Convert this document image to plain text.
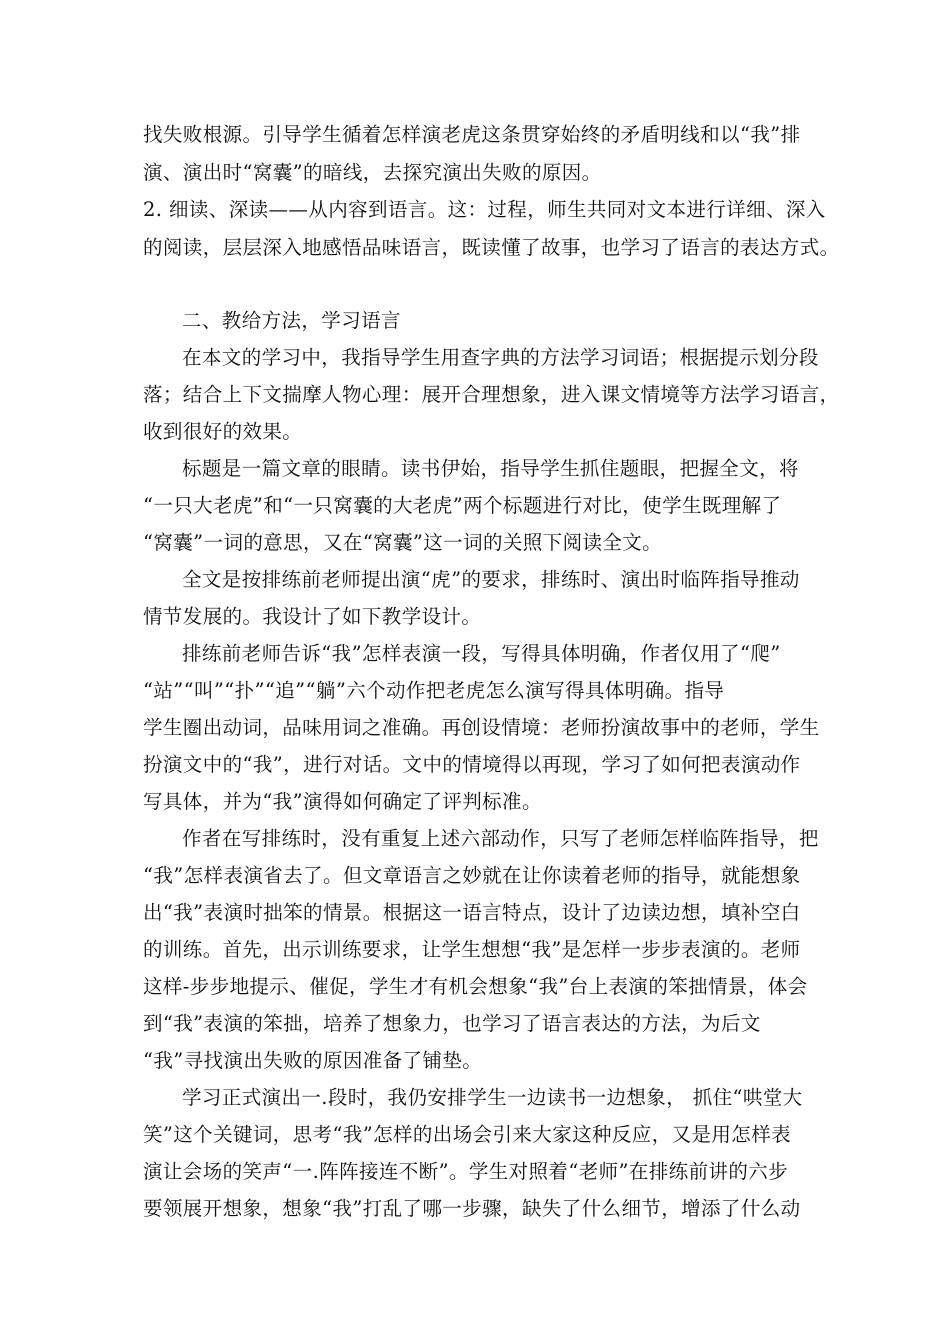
找失败根源。引导学生循着怎样演老虎这条贯穿始终的矛盾明线和以“我”排
演、演出时“窝囊”的暗线，去探究演出失败的原因。
2. 细读、深读——从内容到语言。这：过程，师生共同对文本进行详细、深入
的阅读，层层深入地感悟品味语言，既读懂了故事，也学习了语言的表达方式。
二、教给方法，学习语言
在本文的学习中，我指导学生用查字典的方法学习词语；根据提示划分段
落；结合上下文揣摩人物心理：展开合理想象，进入课文情境等方法学习语言，
收到很好的效果。
标题是一篇文章的眼睛。读书伊始，指导学生抓住题眼，把握全文，将
“一只大老虎”和“一只窝囊的大老虎”两个标题进行对比，使学生既理解了
“窝囊”一词的意思，又在“窝囊”这一词的关照下阅读全文。
全文是按排练前老师提出演“虎”的要求，排练时、演出时临阵指导推动
情节发展的。我设计了如下教学设计。
排练前老师告诉“我”怎样表演一段，写得具体明确，作者仅用了“爬”
“站”“叫”“扑”“追”“躺”六个动作把老虎怎么演写得具体明确。指导
学生圈出动词，品味用词之准确。再创设情境：老师扮演故事中的老师，学生
扮演文中的“我”，进行对话。文中的情境得以再现，学习了如何把表演动作
写具体，并为“我”演得如何确定了评判标准。
作者在写排练时，没有重复上述六部动作，只写了老师怎样临阵指导，把
“我”怎样表演省去了。但文章语言之妙就在让你读着老师的指导，就能想象
出“我”表演时拙笨的情景。根据这一语言特点，设计了边读边想，填补空白
的训练。首先，出示训练要求，让学生想想“我”是怎样一步步表演的。老师
这样-步步地提示、催促，学生才有机会想象“我”台上表演的笨拙情景，体会
到“我”表演的笨拙，培养了想象力，也学习了语言表达的方法，为后文
“我”寻找演出失败的原因准备了铺垫。
学习正式演出一.段时，我仍安排学生一边读书一边想象， 抓住“哄堂大
笑”这个关键词，思考“我”怎样的出场会引来大家这种反应，又是用怎样表
演让会场的笑声“一.阵阵接连不断”。学生对照着“老师”在排练前讲的六步
要领展开想象，想象“我”打乱了哪一步骤，缺失了什么细节，增添了什么动
